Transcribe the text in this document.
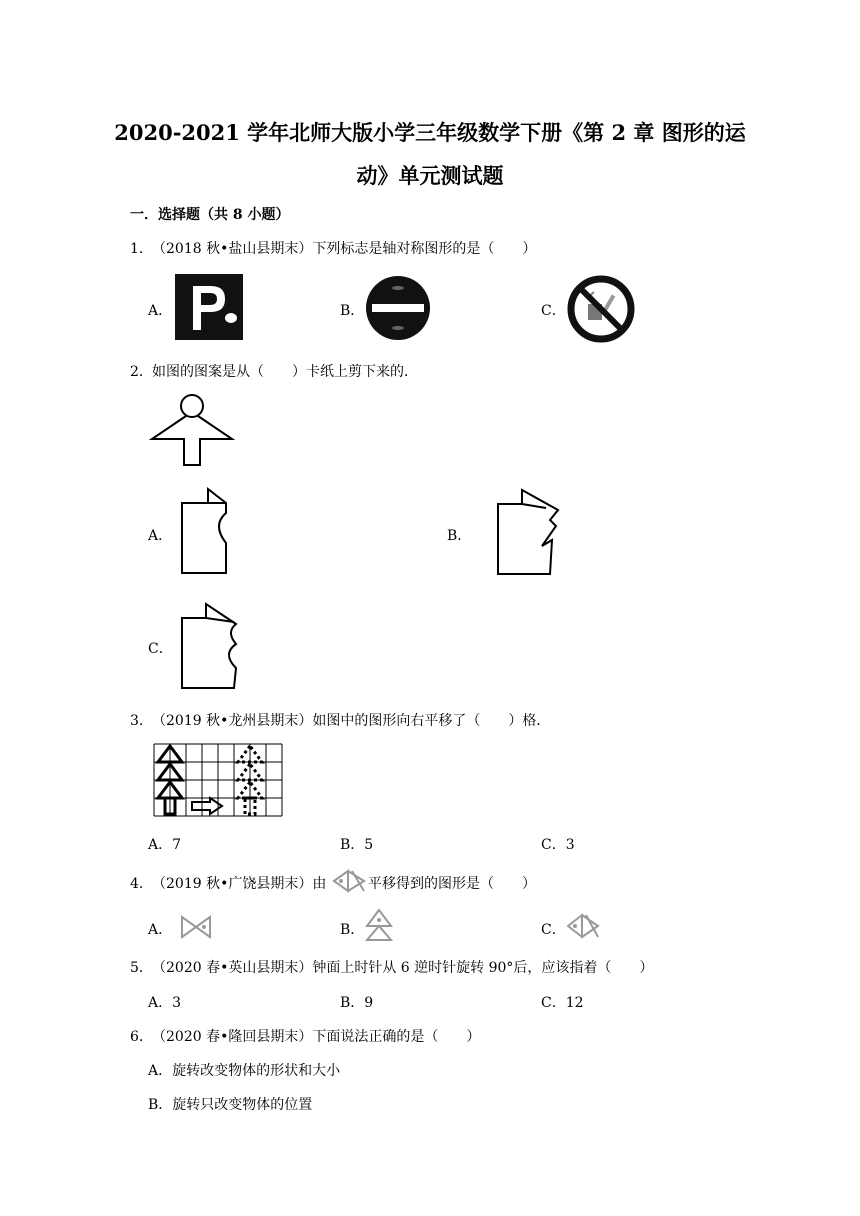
2020-2021 学年北师大版小学三年级数学下册《第 2 章 图形的运
动》单元测试题
一．选择题（共 8 小题）
1． （2018 秋•盐山县期末）下列标志是轴对称图形的是（　　）
A．	B．	C．
2． 如图的图案是从（　　）卡纸上剪下来的．
A．	B．
C．
3． （2019 秋•龙州县期末）如图中的图形向右平移了（　　）格．
A．7	B．5	C．3
4． （2019 秋•广饶县期末）由	平移得到的图形是（　　）
A．	B．	C．
5． （2020 春•英山县期末）钟面上时针从 6 逆时针旋转 90°后，应该指着（　　）
A．3	B．9	C．12
6． （2020 春•隆回县期末）下面说法正确的是（　　）
A．旋转改变物体的形状和大小
B．旋转只改变物体的位置
